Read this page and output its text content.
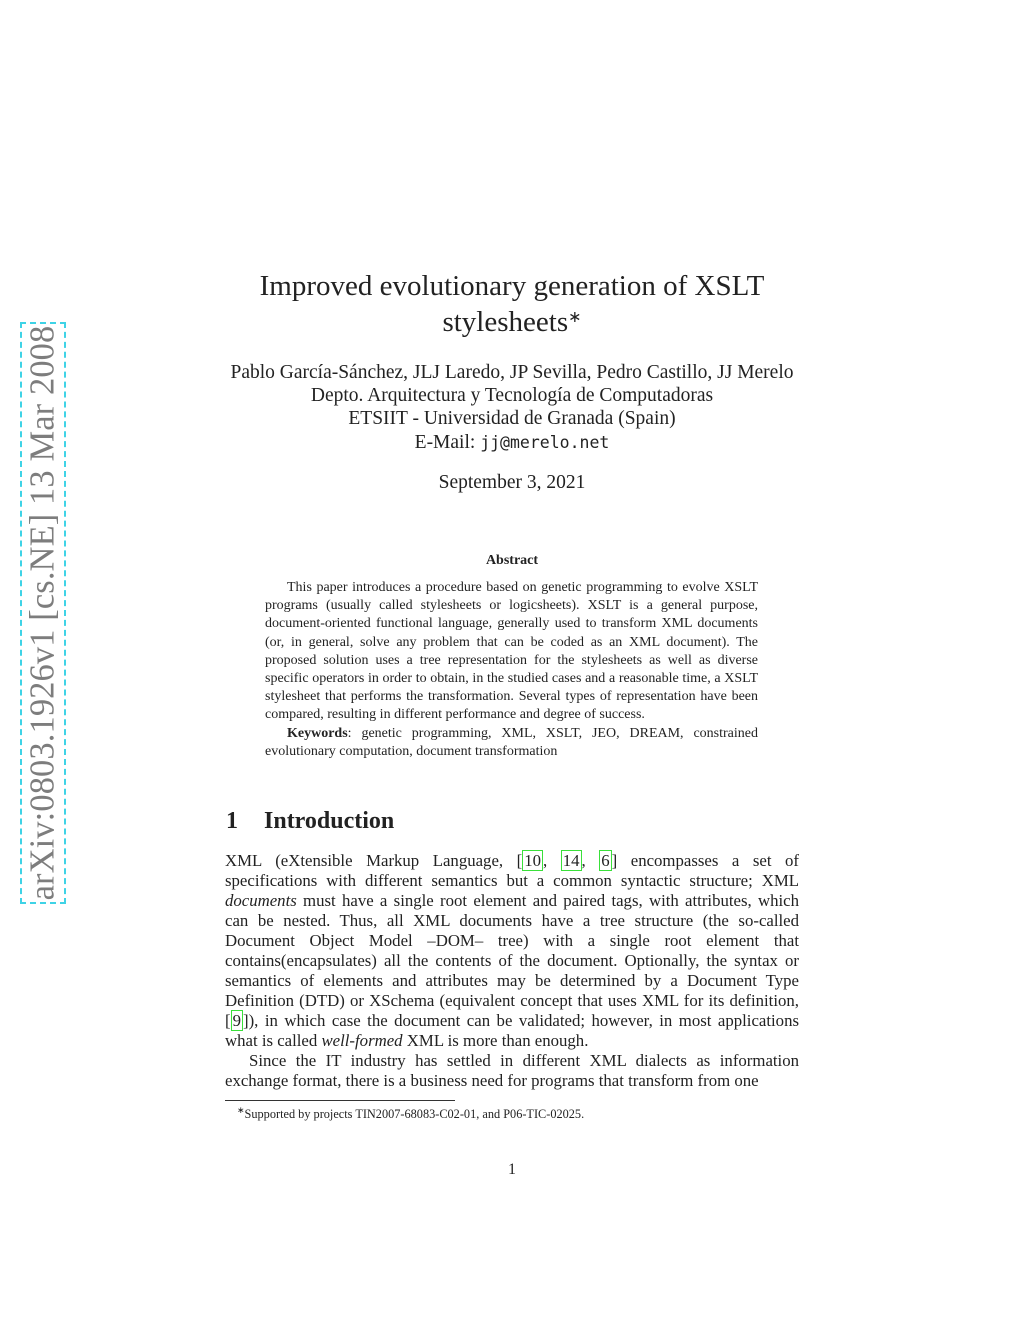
arXiv:0803.1926v1 [cs.NE] 13 Mar 2008
Improved evolutionary generation of XSLT
stylesheets∗
Pablo García-Sánchez, JLJ Laredo, JP Sevilla, Pedro Castillo, JJ Merelo
Depto. Arquitectura y Tecnología de Computadoras
ETSIIT - Universidad de Granada (Spain)
E-Mail: jj@merelo.net
September 3, 2021
Abstract

This paper introduces a procedure based on genetic programming to evolve XSLT programs (usually called stylesheets or logicsheets). XSLT is a general purpose, document-oriented functional language, generally used to transform XML documents (or, in general, solve any problem that can be coded as an XML document). The proposed solution uses a tree representation for the stylesheets as well as diverse specific operators in order to obtain, in the studied cases and a reasonable time, a XSLT stylesheet that performs the transformation. Several types of representation have been compared, resulting in different performance and degree of success.

Keywords: genetic programming, XML, XSLT, JEO, DREAM, constrained evolutionary computation, document transformation

1 Introduction

XML (eXtensible Markup Language, [ 10 , 14 , 6 ] encompasses a set of specifications with different semantics but a common syntactic structure; XML documents must have a single root element and paired tags, with attributes, which can be nested. Thus, all XML documents have a tree structure (the so-called Document Object Model –DOM– tree) with a single root element that contains(encapsulates) all the contents of the document. Optionally, the syntax or semantics of elements and attributes may be determined by a Document Type Definition (DTD) or XSchema (equivalent concept that uses XML for its definition, [ 9 ]), in which case the document can be validated; however, in most applications what is called well-formed XML is more than enough.

Since the IT industry has settled in different XML dialects as information exchange format, there is a business need for programs that transform from one

∗Supported by projects TIN2007-68083-C02-01, and P06-TIC-02025.
1
